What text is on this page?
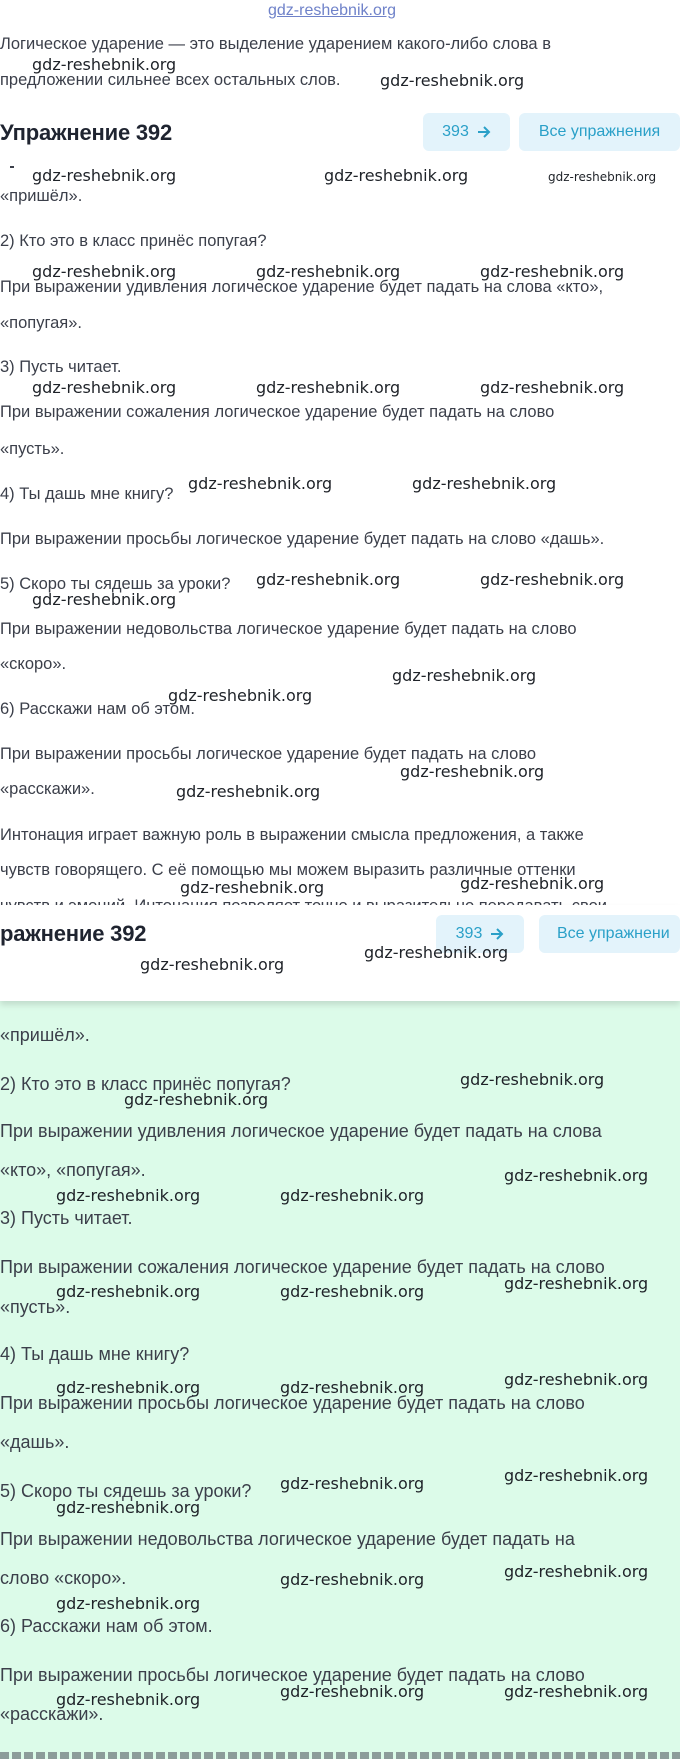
gdz-reshebnik.org
Логическое ударение — это выделение ударением какого-либо слова в
gdz-reshebnik.org
предложении сильнее всех остальных слов. gdz-reshebnik.org
Упражнение 392	393	Все упражнения
gdz-reshebnik.org	gdz-reshebnik.org	gdz-reshebnik.org
«пришёл».
2) Кто это в класс принёс попугая?
gdz-reshebnik.org	gdz-reshebnik.org	gdz-reshebnik.org
При выражении удивления логическое ударение будет падать на слова «кто»,
«попугая».
3) Пусть читает.
gdz-reshebnik.org	gdz-reshebnik.org	gdz-reshebnik.org
При выражении сожаления логическое ударение будет падать на слово
«пусть».
4) Ты дашь мне книгу?
gdz-reshebnik.org	gdz-reshebnik.org
При выражении просьбы логическое ударение будет падать на слово «дашь».
5) Скоро ты сядешь за уроки? gdz-reshebnik.org	gdz-reshebnik.org
gdz-reshebnik.org
При выражении недовольства логическое ударение будет падать на слово
«скоро».
gdz-reshebnik.org
gdz-reshebnik.org
6) Расскажи нам об этом.
При выражении просьбы логическое ударение будет падать на слово
gdz-reshebnik.org
«расскажи».	gdz-reshebnik.org
Интонация играет важную роль в выражении смысла предложения, а также
чувств говорящего. С её помощью мы можем выразить различные оттенки
gdz-reshebnik.org	gdz-reshebnik.org
ражнение 392	393	Все упражнени
gdz-reshebnik.org
gdz-reshebnik.org
«пришёл».
2) Кто это в класс принёс попугая?	gdz-reshebnik.org
gdz-reshebnik.org
При выражении удивления логическое ударение будет падать на слова
«кто», «попугая».	gdz-reshebnik.org
gdz-reshebnik.org	gdz-reshebnik.org
3) Пусть читает.
При выражении сожаления логическое ударение будет падать на слово
gdz-reshebnik.org
gdz-reshebnik.org	gdz-reshebnik.org
«пусть».
4) Ты дашь мне книгу?
gdz-reshebnik.org
gdz-reshebnik.org	gdz-reshebnik.org
При выражении просьбы логическое ударение будет падать на слово
«дашь».
5) Скоро ты сядешь за уроки?
gdz-reshebnik.org
gdz-reshebnik.org
gdz-reshebnik.org
При выражении недовольства логическое ударение будет падать на
gdz-reshebnik.org
слово «скоро».	gdz-reshebnik.org
gdz-reshebnik.org
6) Расскажи нам об этом.
При выражении просьбы логическое ударение будет падать на слово
gdz-reshebnik.org	gdz-reshebnik.org
gdz-reshebnik.org
«расскажи».
